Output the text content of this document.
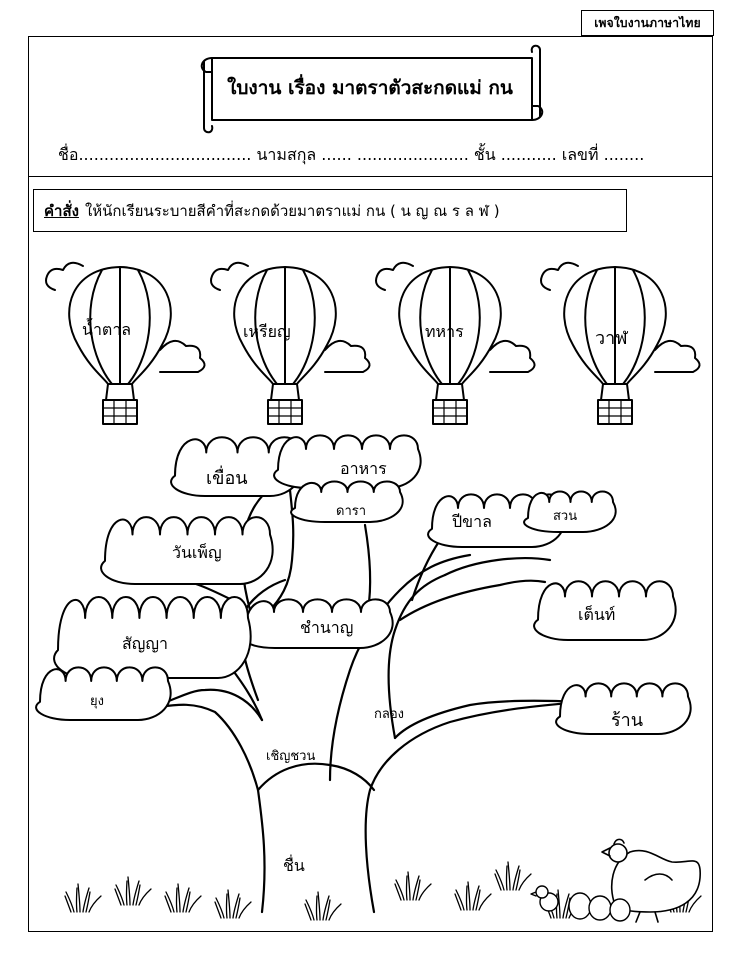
เพจใบงานภาษาไทย
ใบงาน เรื่อง มาตราตัวสะกดแม่ กน
ชื่อ.................................. นามสกุล ...... ...................... ชั้น ........... เลขที่ ........
คำสั่ง ให้นักเรียนระบายสีคำที่สะกดด้วยมาตราแม่ กน ( น ญ ณ ร ล ฬ )
น้ำตาล	เหรียญ	ทหาร	วาฬ
เขื่อน	อาหาร
ดารา
ปีขาล	สวน
วันเพ็ญ
เต็นท์
ชำนาญ
สัญญา
ยุง
กลอง	ร้าน
เชิญชวน
ชื่น
